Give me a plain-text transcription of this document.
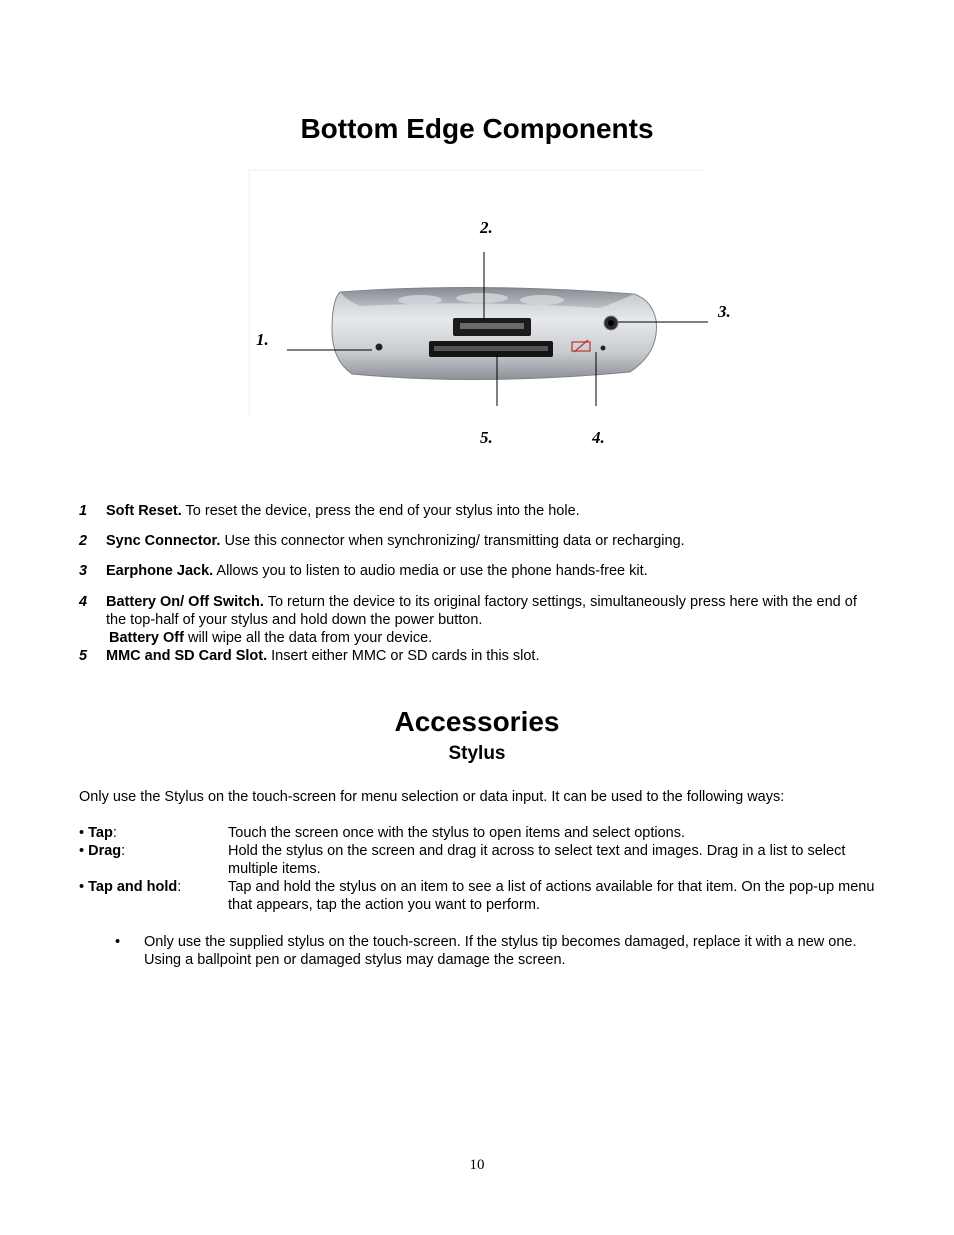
Bottom Edge Components
1.
2.
3.
4.
5.
1 Soft Reset. To reset the device, press the end of your stylus into the hole.
2 Sync Connector. Use this connector when synchronizing/ transmitting data or recharging.
3 Earphone Jack. Allows you to listen to audio media or use the phone hands-free kit.
4 Battery On/ Off Switch. To return the device to its original factory settings, simultaneously press here with the end of the top-half of your stylus and hold down the power button.
Battery Off will wipe all the data from your device.
5 MMC and SD Card Slot. Insert either MMC or SD cards in this slot.
Accessories
Stylus
Only use the Stylus on the touch-screen for menu selection or data input. It can be used to the following ways:
• Tap:	Touch the screen once with the stylus to open items and select options.
• Drag:	Hold the stylus on the screen and drag it across to select text and images. Drag in a list to select multiple items.
• Tap and hold:	Tap and hold the stylus on an item to see a list of actions available for that item. On the pop-up menu that appears, tap the action you want to perform.
• Only use the supplied stylus on the touch-screen. If the stylus tip becomes damaged, replace it with a new one. Using a ballpoint pen or damaged stylus may damage the screen.
10
